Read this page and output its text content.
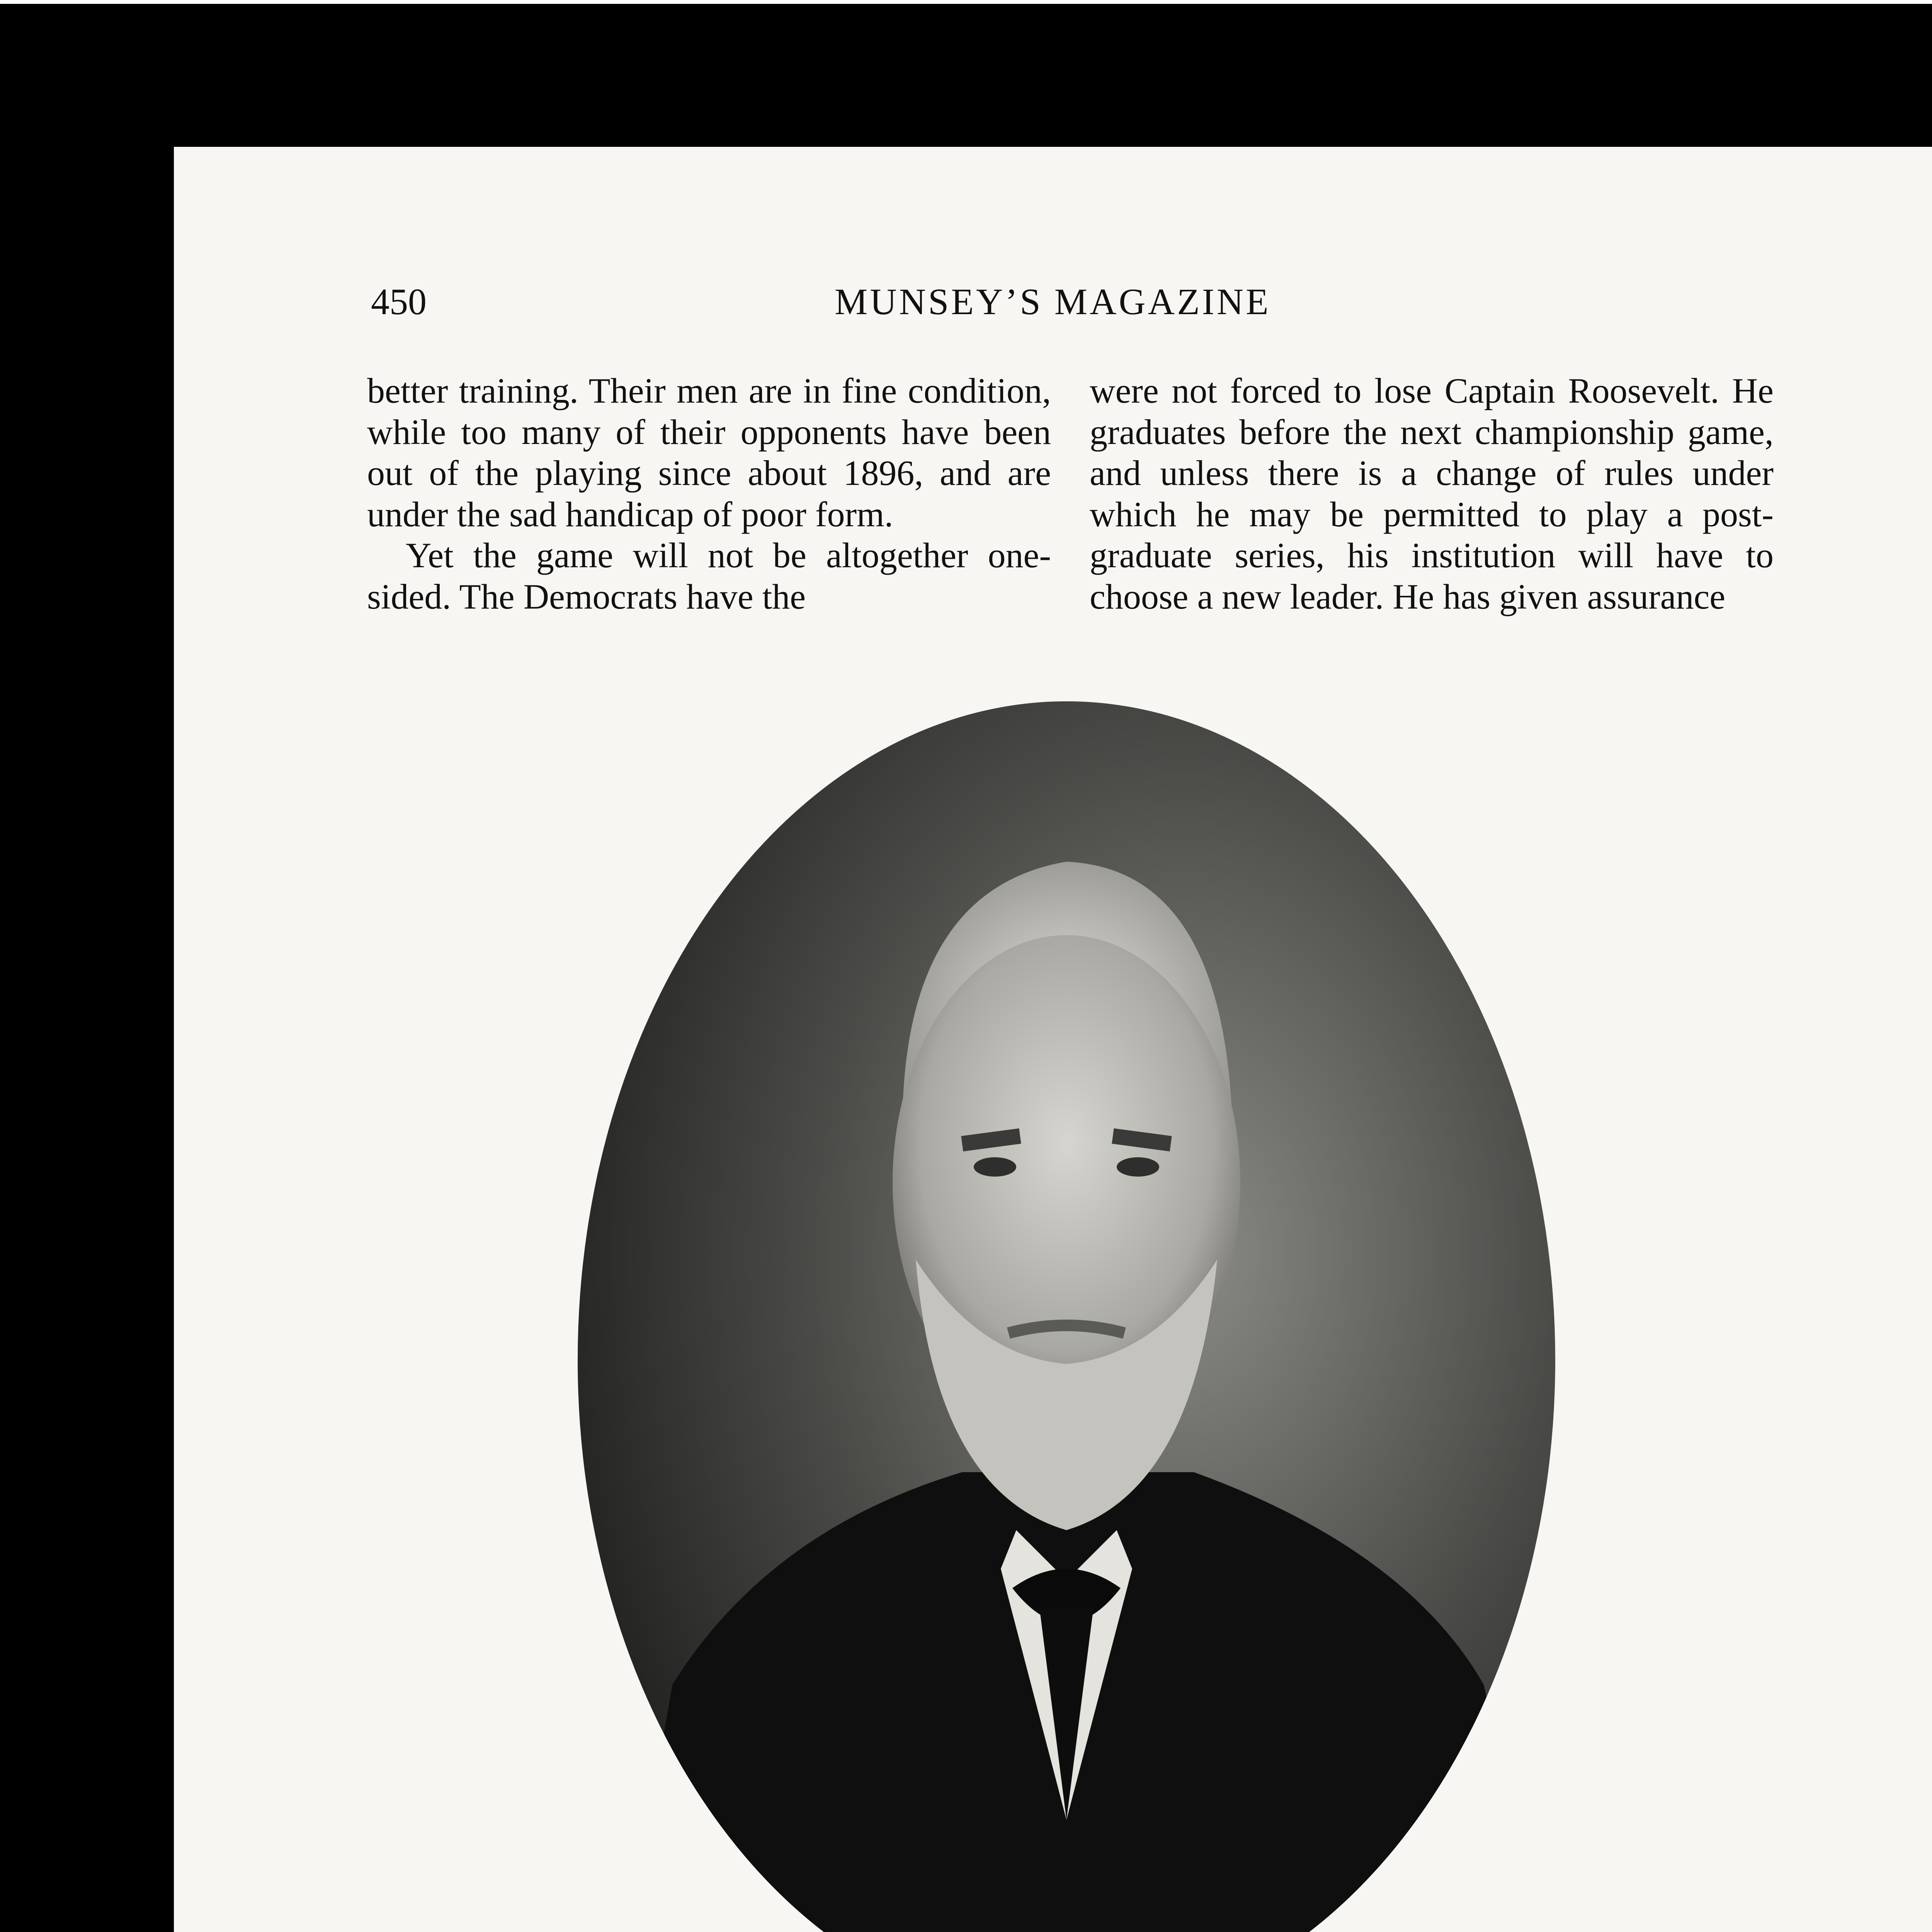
450	MUNSEY’S MAGAZINE

better training. Their men are in fine condition, while too many of their opponents have been out of the playing since about 1896, and are under the sad handicap of poor form.

Yet the game will not be altogether one-sided. The Democrats have the

were not forced to lose Captain Roosevelt. He graduates before the next championship game, and unless there is a change of rules under which he may be permitted to play a post-graduate series, his institution will have to choose a new leader. He has given assurance
